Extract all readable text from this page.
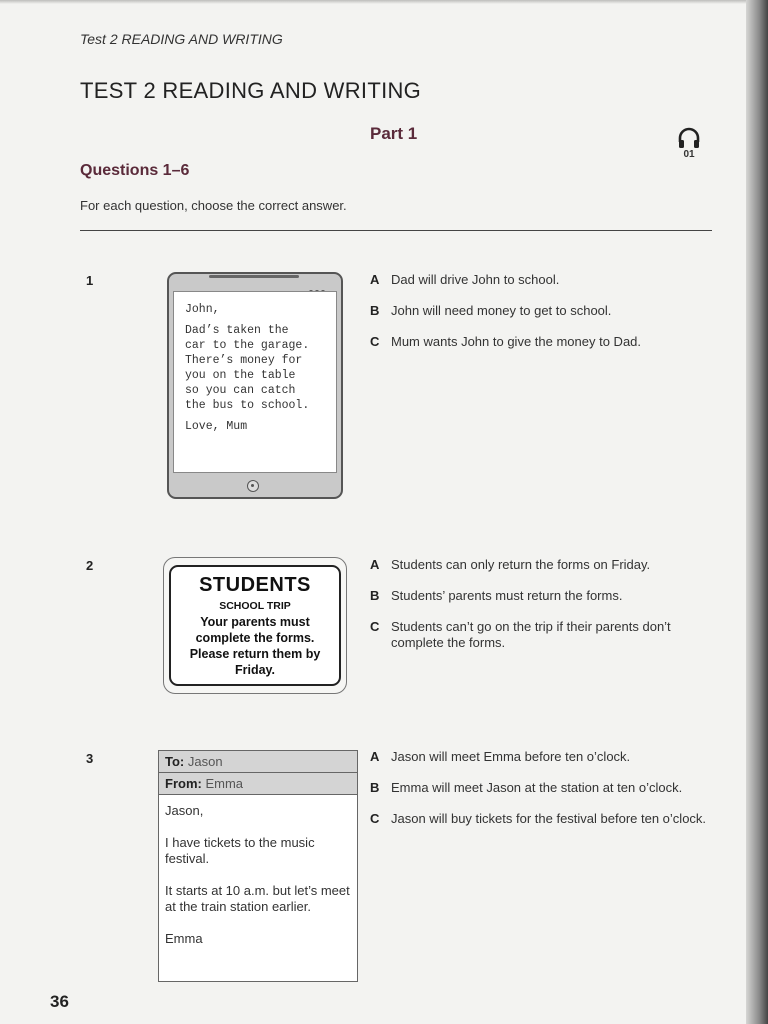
Test 2 READING AND WRITING
TEST 2 READING AND WRITING
Part 1
01
Questions 1–6
For each question, choose the correct answer.
1

John,

Dad’s taken the
car to the garage.
There’s money for
you on the table
so you can catch
the bus to school.

Love, Mum

A Dad will drive John to school.
B John will need money to get to school.
C Mum wants John to give the money to Dad.
2
STUDENTS
SCHOOL TRIP
Your parents must
complete the forms.
Please return them by
Friday.
A Students can only return the forms on Friday.
B Students’ parents must return the forms.
C Students can’t go on the trip if their parents don’t complete the forms.
3	To: Jason
From: Emma

Jason,

I have tickets to the music festival.

It starts at 10 a.m. but let’s meet at the train station earlier.

Emma

A Jason will meet Emma before ten o’clock.
B Emma will meet Jason at the station at ten o’clock.
C Jason will buy tickets for the festival before ten o’clock.
36
